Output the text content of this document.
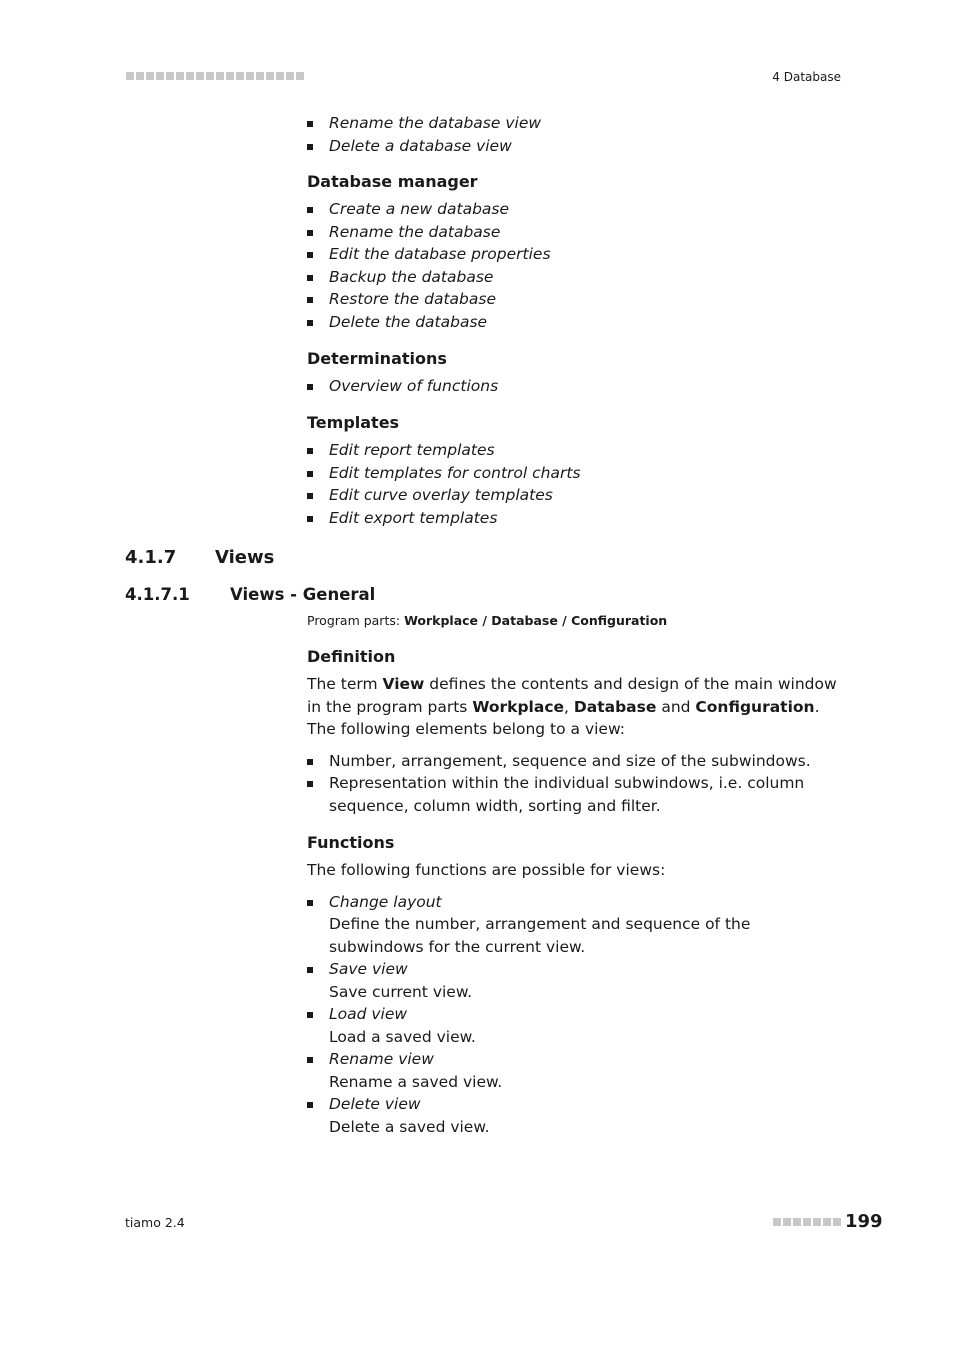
4 Database
Rename the database view
Delete a database view

Database manager

Create a new database
Rename the database
Edit the database properties
Backup the database
Restore the database
Delete the database

Determinations

Overview of functions

Templates

Edit report templates
Edit templates for control charts
Edit curve overlay templates
Edit export templates
4.1.7 Views
4.1.7.1 Views - General
Program parts: Workplace / Database / Configuration

Definition

The term View defines the contents and design of the main window in the program parts Workplace, Database and Configuration. The following elements belong to a view:

Number, arrangement, sequence and size of the subwindows.
Representation within the individual subwindows, i.e. column sequence, column width, sorting and filter.

Functions

The following functions are possible for views:

Change layout
Define the number, arrangement and sequence of the subwindows for the current view.
Save view
Save current view.
Load view
Load a saved view.
Rename view
Rename a saved view.
Delete view
Delete a saved view.
tiamo 2.4	199
